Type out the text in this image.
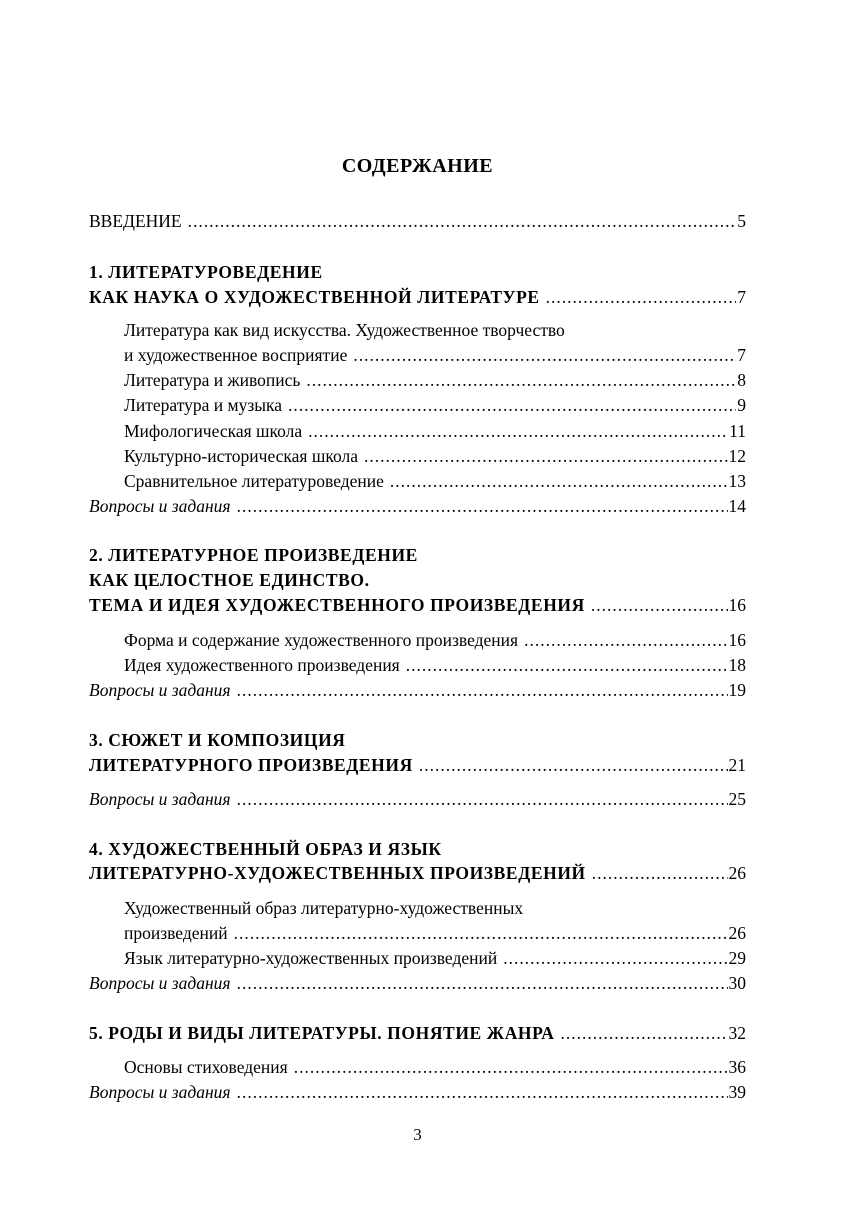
СОДЕРЖАНИЕ
ВВЕДЕНИЕ .....	5
1. ЛИТЕРАТУРОВЕДЕНИЕ
КАК НАУКА О ХУДОЖЕСТВЕННОЙ ЛИТЕРАТУРЕ .....	7
Литература как вид искусства. Художественное творчество
и художественное восприятие .....	7
Литература и живопись .....	8
Литература и музыка .....	9
Мифологическая школа .....	11
Культурно-историческая школа .....	12
Сравнительное литературоведение .....	13
Вопросы и задания .....	14
2. ЛИТЕРАТУРНОЕ ПРОИЗВЕДЕНИЕ
КАК ЦЕЛОСТНОЕ ЕДИНСТВО.
ТЕМА И ИДЕЯ ХУДОЖЕСТВЕННОГО ПРОИЗВЕДЕНИЯ .....	16
Форма и содержание художественного произведения .....	16
Идея художественного произведения .....	18
Вопросы и задания .....	19
3. СЮЖЕТ И КОМПОЗИЦИЯ
ЛИТЕРАТУРНОГО ПРОИЗВЕДЕНИЯ .....	21
Вопросы и задания .....	25
4. ХУДОЖЕСТВЕННЫЙ ОБРАЗ И ЯЗЫК
ЛИТЕРАТУРНО-ХУДОЖЕСТВЕННЫХ ПРОИЗВЕДЕНИЙ .....	26
Художественный образ литературно-художественных
произведений .....	26
Язык литературно-художественных произведений .....	29
Вопросы и задания .....	30
5. РОДЫ И ВИДЫ ЛИТЕРАТУРЫ. ПОНЯТИЕ ЖАНРА .....	32
Основы стиховедения .....	36
Вопросы и задания .....	39
3
